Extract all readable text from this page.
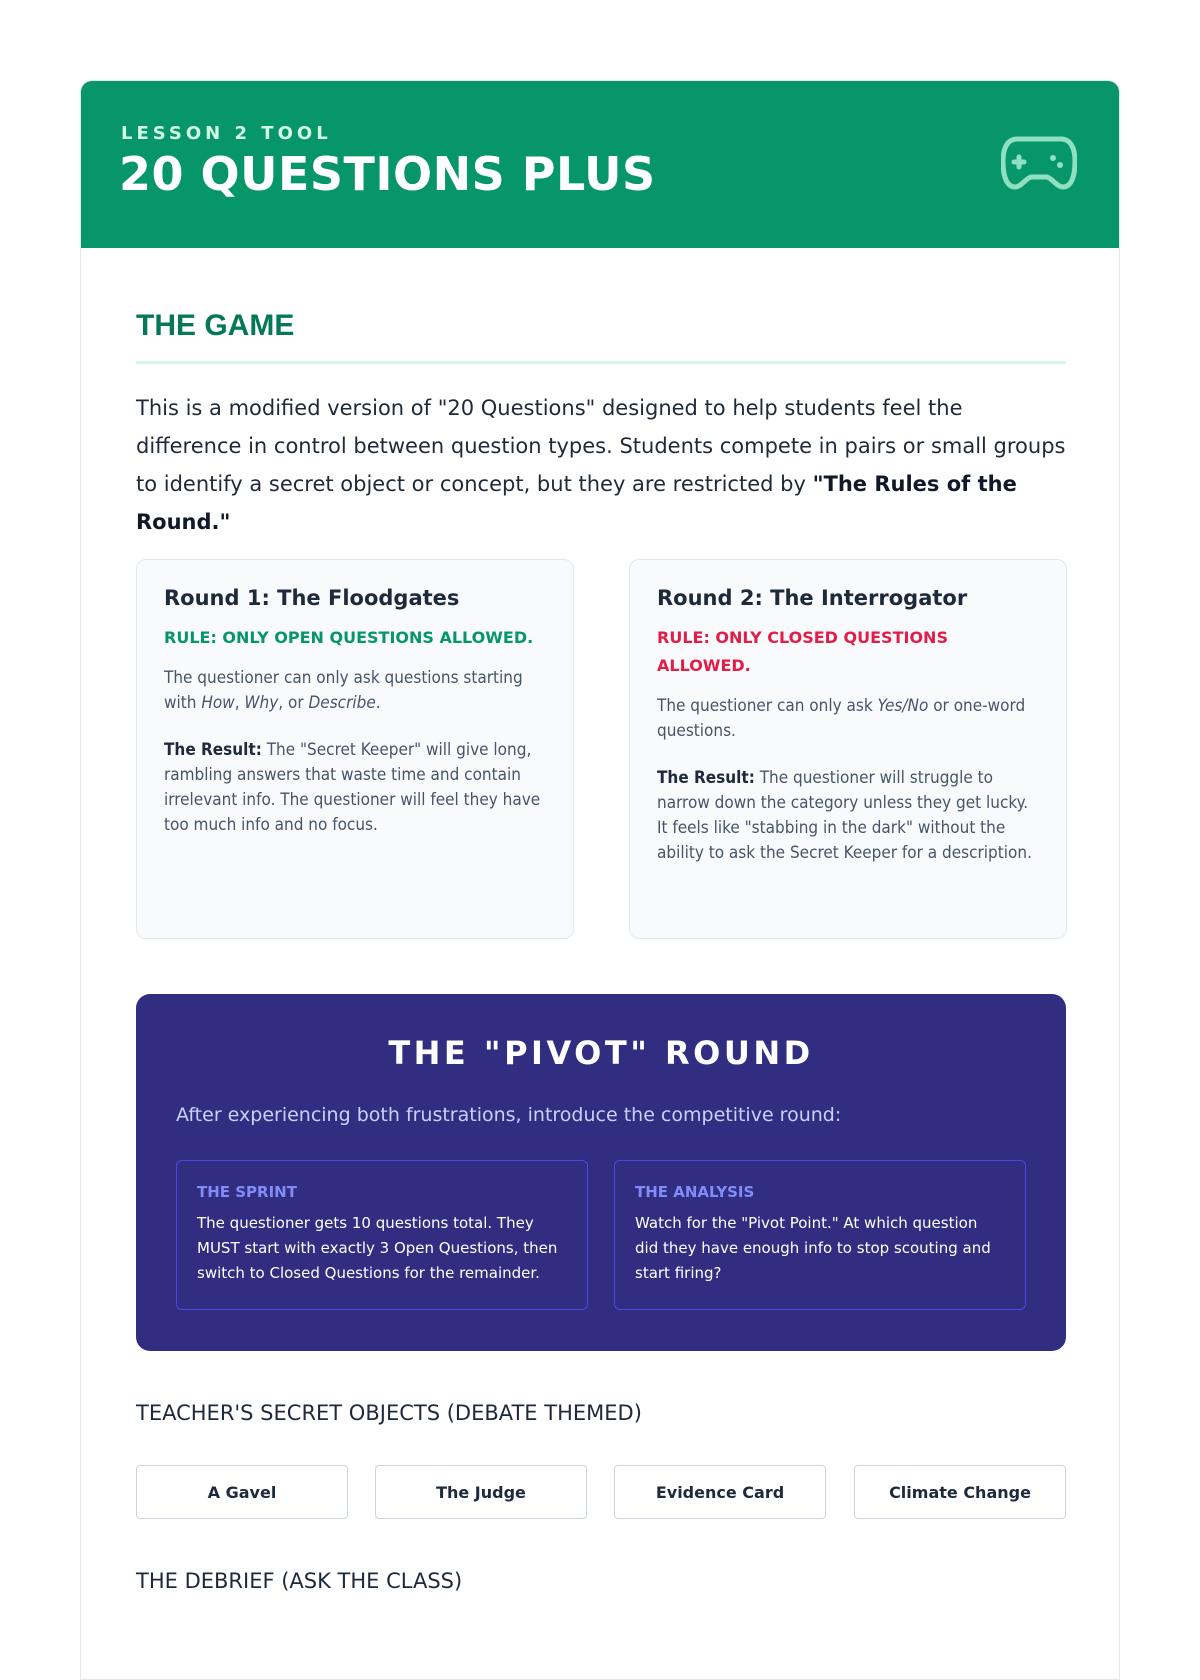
LESSON 2 TOOL
20 QUESTIONS PLUS
THE GAME
This is a modified version of "20 Questions" designed to help students feel the difference in control between question types. Students compete in pairs or small groups to identify a secret object or concept, but they are restricted by "The Rules of the Round."
Round 1: The Floodgates
RULE: ONLY OPEN QUESTIONS ALLOWED.

The questioner can only ask questions starting with How, Why, or Describe.

The Result: The "Secret Keeper" will give long, rambling answers that waste time and contain irrelevant info. The questioner will feel they have too much info and no focus.

Round 2: The Interrogator
RULE: ONLY CLOSED QUESTIONS ALLOWED.

The questioner can only ask Yes/No or one-word questions.

The Result: The questioner will struggle to narrow down the category unless they get lucky. It feels like "stabbing in the dark" without the ability to ask the Secret Keeper for a description.

THE "PIVOT" ROUND
After experiencing both frustrations, introduce the competitive round:
THE SPRINT
The questioner gets 10 questions total. They MUST start with exactly 3 Open Questions, then switch to Closed Questions for the remainder.
THE ANALYSIS
Watch for the "Pivot Point." At which question did they have enough info to stop scouting and start firing?
TEACHER'S SECRET OBJECTS (DEBATE THEMED)
A Gavel	The Judge	Evidence Card	Climate Change
THE DEBRIEF (ASK THE CLASS)
